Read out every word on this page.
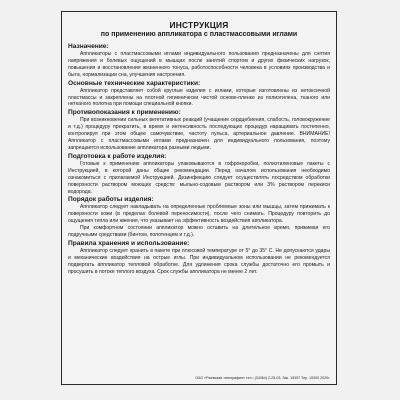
ИНСТРУКЦИЯ
по применению аппликатора с пластмассовыми иглами
Назначение:

Аппликаторы с пластмассовыми иглами индивидуального пользования предназначены для снятия напряжения и болевых ощущений в мышцах после занятий спортом и других физических нагрузок, повышения и восстановления жизненного тонуса, работоспособности человека в условиях производства и быта, нормализации сна, улучшения настроения.

Основные технические характеристики:

Аппликатор представляет собой круглые изделия с иглами, которые изготовлены из нетоксичной пластмассы и закреплены на плотной гигиенически чистой основе-пленке из полиэтилена, тканого или нетканого полотна при помощи специальной кнопки.

Противопоказания к применению:

При возникновении сильных вегетативных реакций (учащение сердцебиения, слабость, головокружение и т.д.) процедуру прекратить, в время и интенсивность последующих процедур наращивать постепенно, контролируя при этом общее самочувствие, частоту пульса, артериальное давление. ВНИМАНИЕ! Аппликатор с пластмассовыми иглами предназначен для индивидуального пользования, поэтому запрещается использование аппликатора разными людьми.

Подготовка к работе изделия:

Готовые к применению аппликаторы упаковываются в гофрокоробки, полиэтиленовые пакеты с Инструкцией, в которой даны общие рекомендации. Перед началом использования необходимо ознакомиться с прилагаемой Инструкцией. Дезинфекцию следует осуществлять посредством обработки поверхности раствором моющих средств: мыльно-содовым раствором или 3% раствором перекиси водорода.

Порядок работы изделия:

Аппликатор следует накладывать на определенные проблемные зоны или мышцы, затем прижимать к поверхности кожи (в пределах болевой переносимости), после чего снимать. Процедуру повторить до ощущения тепла или жжения, что указывает на эффективность воздействия аппликатора.

При комфортном состоянии аппликатор можно оставить на длительное время, прижимая его подручными средствами (бинтом, полотенцем и т.д.).

Правила хранения и использование:

Аппликатор следует хранить в пакете при плюсовой температуре от 5° до 35° С. Не допускаются удары и механические воздействия на острые иглы. При индивидуальном использовании не рекомендуется подвергать аппликатор тепловой обработке. Для удлинения срока службы достаточно его промыть и просушить в потоке теплого воздуха. Срок службы аппликатора не менее 2 лет.

ОАО «Ржевская типография» тел.: (34364) 2-25-03, Зак. 15397 Тир. 10000 2020г.
